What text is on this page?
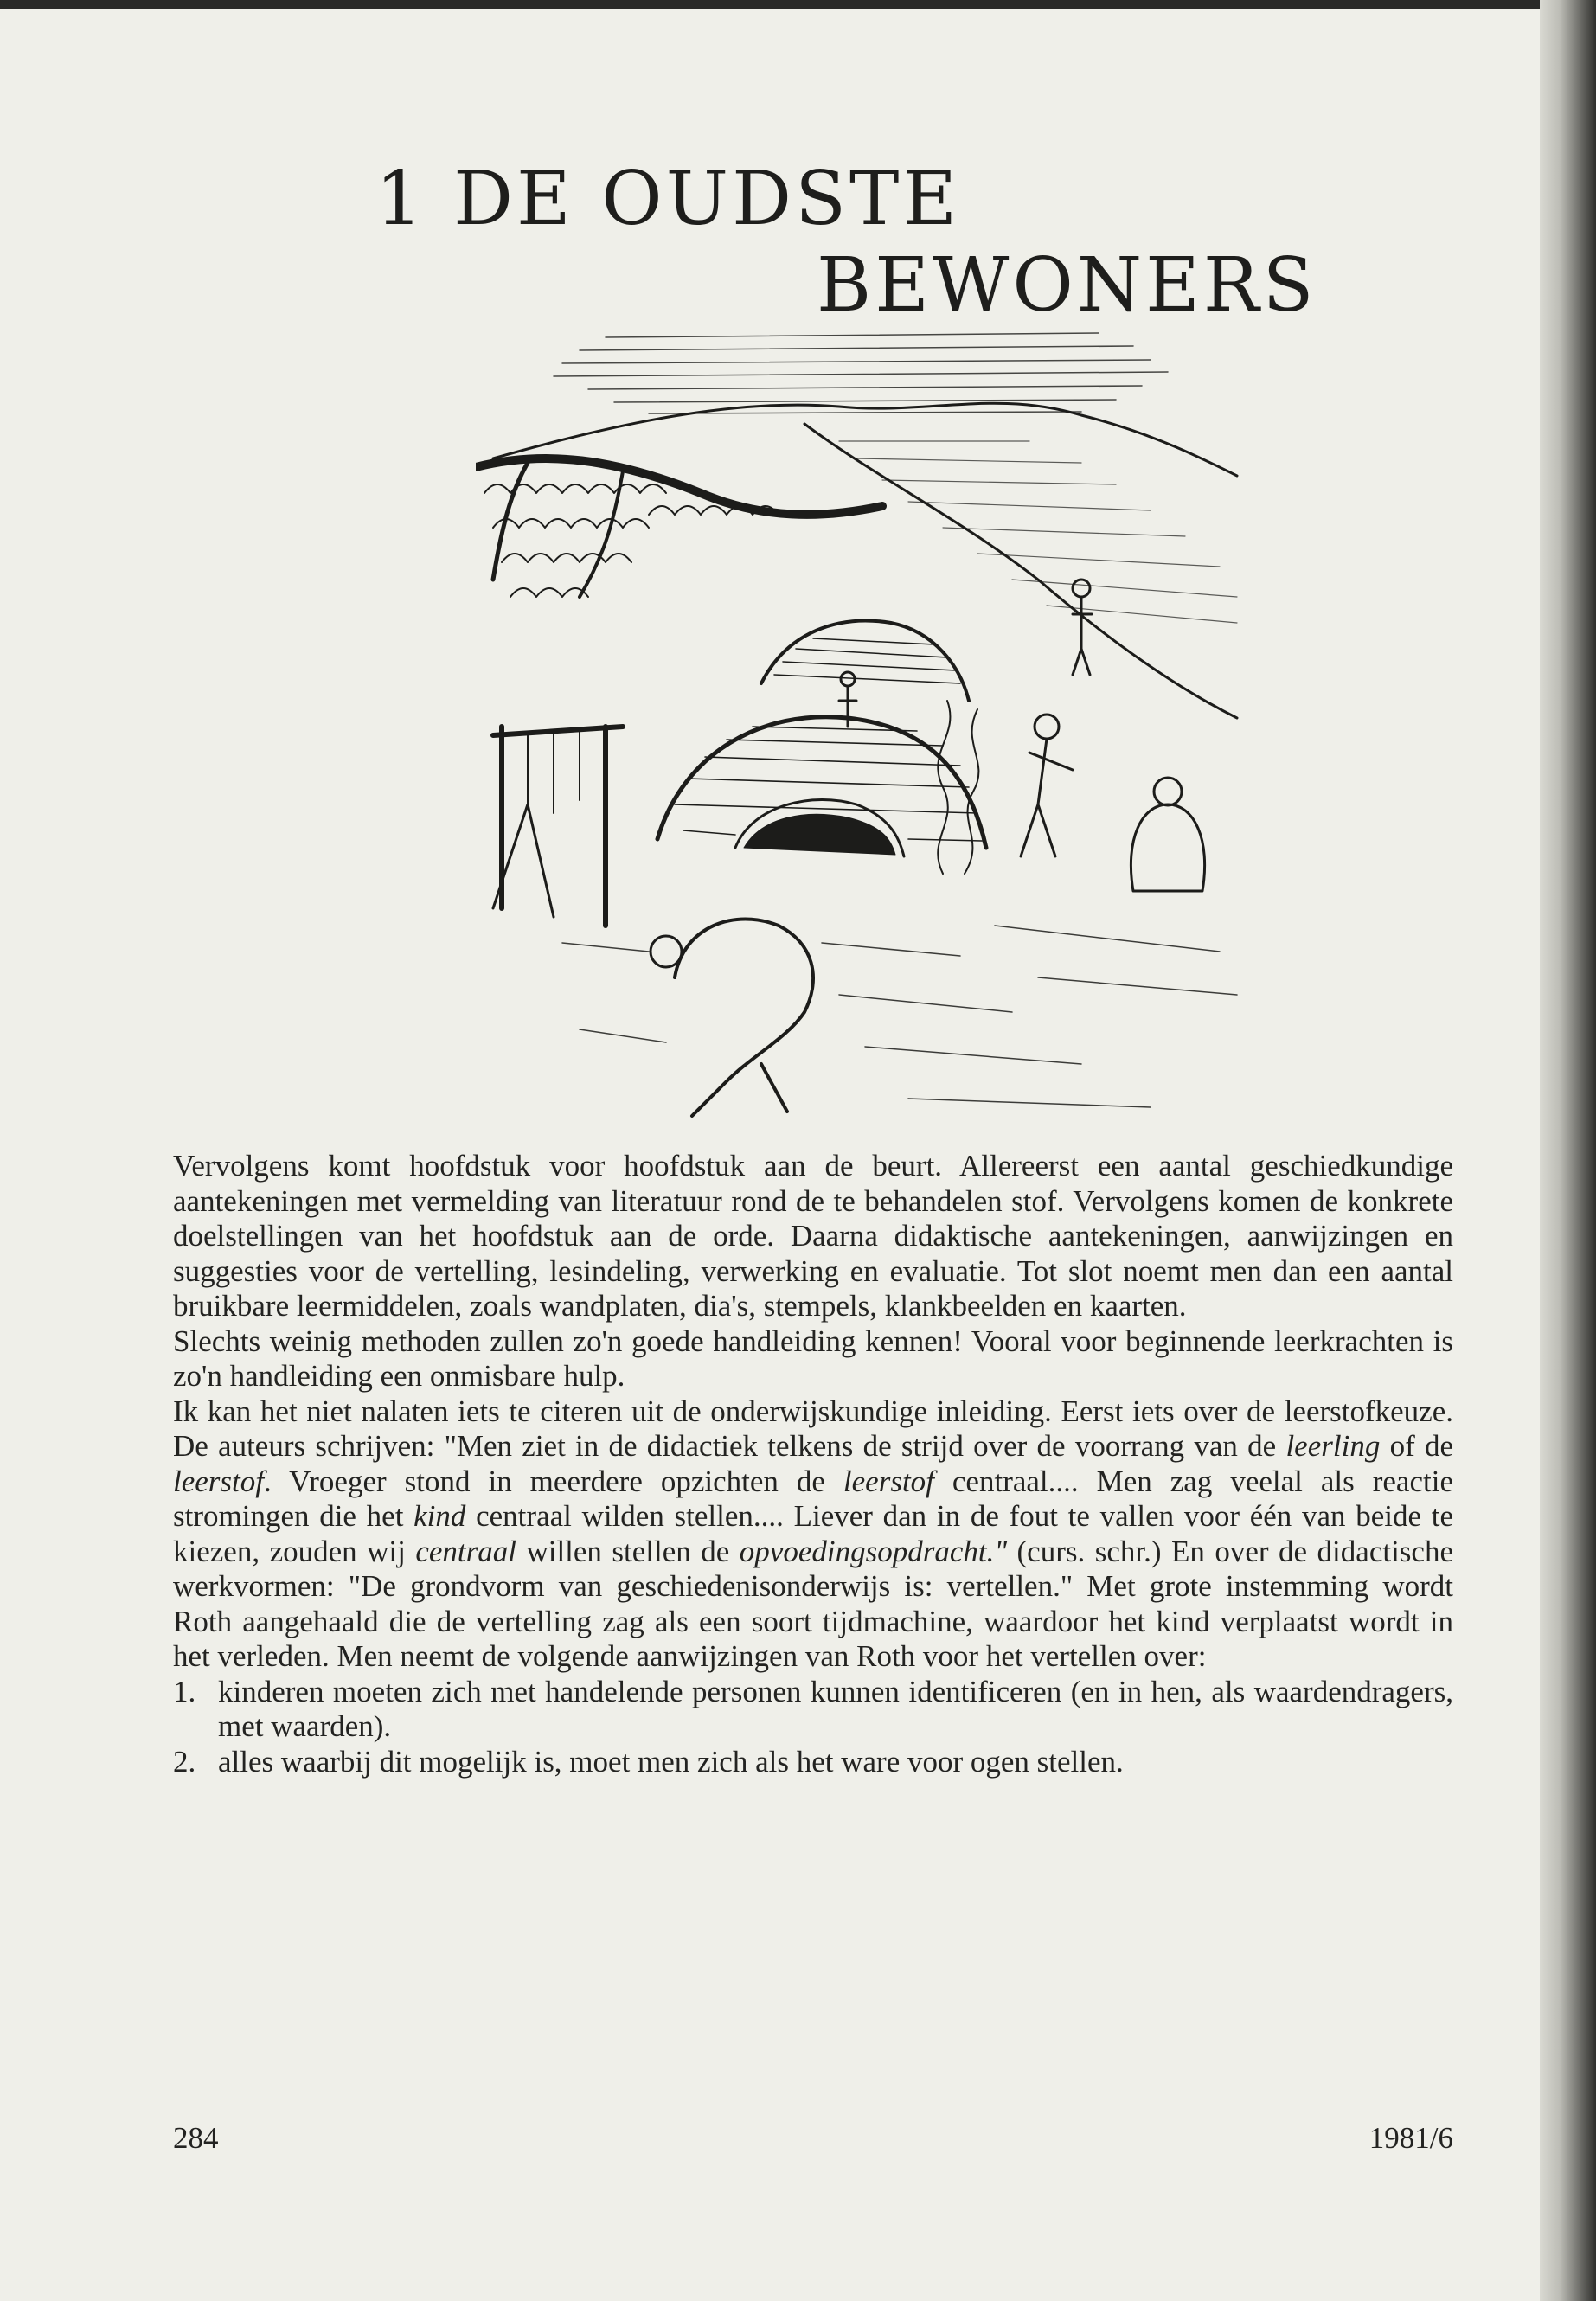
1 DE OUDSTE
BEWONERS

Vervolgens komt hoofdstuk voor hoofdstuk aan de beurt. Allereerst een aantal geschiedkundige aantekeningen met vermelding van literatuur rond de te behandelen stof. Vervolgens komen de konkrete doelstellingen van het hoofdstuk aan de orde. Daarna didaktische aantekeningen, aanwijzingen en suggesties voor de vertelling, lesindeling, verwerking en evaluatie. Tot slot noemt men dan een aantal bruikbare leermiddelen, zoals wandplaten, dia's, stempels, klankbeelden en kaarten.

Slechts weinig methoden zullen zo'n goede handleiding kennen! Vooral voor beginnende leerkrachten is zo'n handleiding een onmisbare hulp.

Ik kan het niet nalaten iets te citeren uit de onderwijskundige inleiding. Eerst iets over de leerstofkeuze. De auteurs schrijven: "Men ziet in de didactiek telkens de strijd over de voorrang van de leerling of de leerstof. Vroeger stond in meerdere opzichten de leerstof centraal.... Men zag veelal als reactie stromingen die het kind centraal wilden stellen.... Liever dan in de fout te vallen voor één van beide te kiezen, zouden wij centraal willen stellen de opvoedingsopdracht." (curs. schr.) En over de didactische werkvormen: "De grondvorm van geschiedenisonderwijs is: vertellen." Met grote instemming wordt Roth aangehaald die de vertelling zag als een soort tijdmachine, waardoor het kind verplaatst wordt in het verleden. Men neemt de volgende aanwijzingen van Roth voor het vertellen over:

1. kinderen moeten zich met handelende personen kunnen identificeren (en in hen, als waardendragers, met waarden).
2. alles waarbij dit mogelijk is, moet men zich als het ware voor ogen stellen.
284	1981/6
